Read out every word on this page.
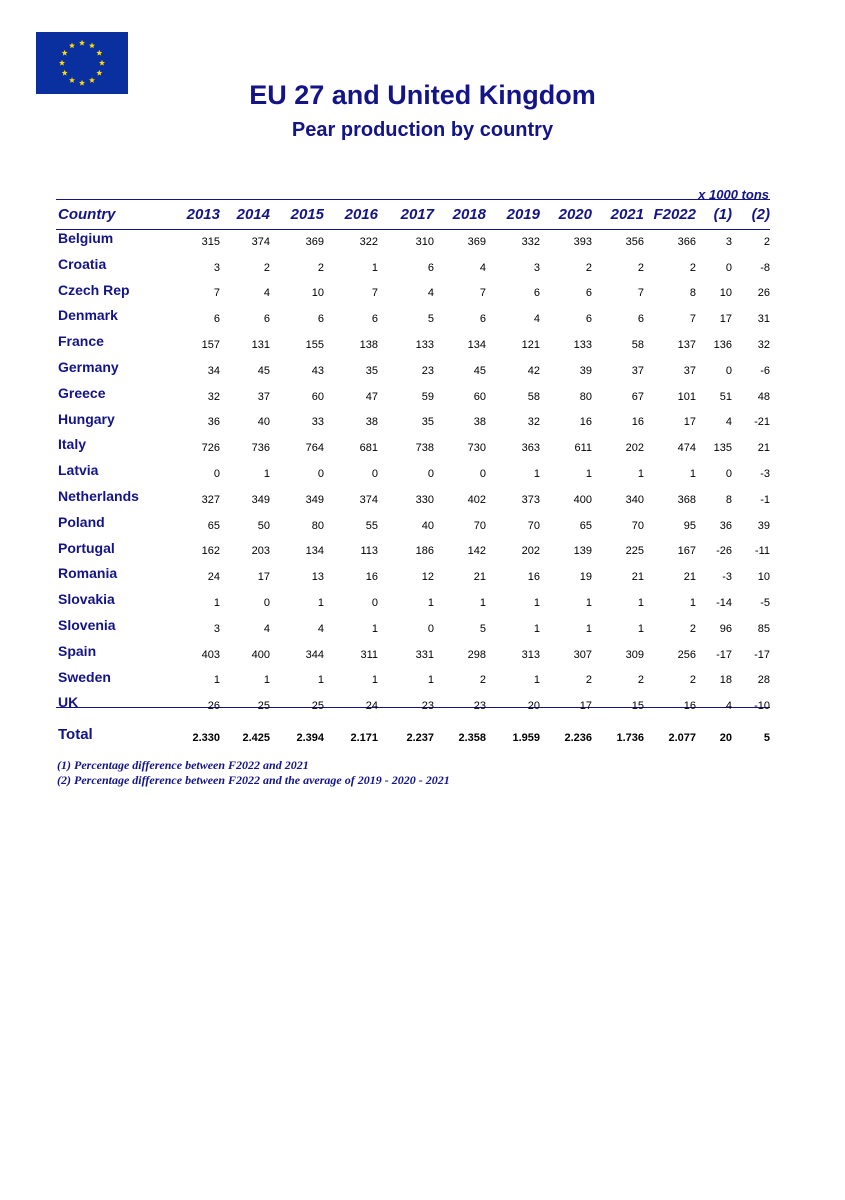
EU 27 and United Kingdom
Pear production by country
x 1000 tons
Country	2013	2014	2015	2016	2017	2018	2019	2020	2021	F2022	(1)	(2)
Belgium	315	374	369	322	310	369	332	393	356	366	3	2
Croatia	3	2	2	1	6	4	3	2	2	2	0	-8
Czech Rep	7	4	10	7	4	7	6	6	7	8	10	26
Denmark	6	6	6	6	5	6	4	6	6	7	17	31
France	157	131	155	138	133	134	121	133	58	137	136	32
Germany	34	45	43	35	23	45	42	39	37	37	0	-6
Greece	32	37	60	47	59	60	58	80	67	101	51	48
Hungary	36	40	33	38	35	38	32	16	16	17	4	-21
Italy	726	736	764	681	738	730	363	611	202	474	135	21
Latvia	0	1	0	0	0	0	1	1	1	1	0	-3
Netherlands	327	349	349	374	330	402	373	400	340	368	8	-1
Poland	65	50	80	55	40	70	70	65	70	95	36	39
Portugal	162	203	134	113	186	142	202	139	225	167	-26	-11
Romania	24	17	13	16	12	21	16	19	21	21	-3	10
Slovakia	1	0	1	0	1	1	1	1	1	1	-14	-5
Slovenia	3	4	4	1	0	5	1	1	1	2	96	85
Spain	403	400	344	311	331	298	313	307	309	256	-17	-17
Sweden	1	1	1	1	1	2	1	2	2	2	18	28
UK	26	25	25	24	23	23	20	17	15	16	4	-10
Total	2.330	2.425	2.394	2.171	2.237	2.358	1.959	2.236	1.736	2.077	20	5
(1) Percentage difference between F2022 and 2021
(2) Percentage difference between F2022 and the average of 2019 - 2020 - 2021
